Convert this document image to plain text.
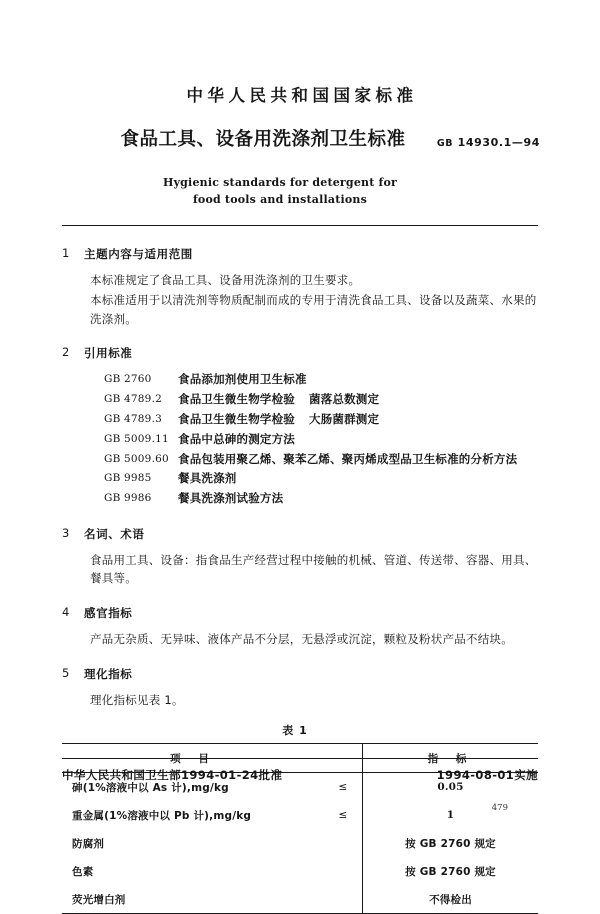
中华人民共和国国家标准
食品工具、设备用洗涤剂卫生标准	GB 14930.1—94
Hygienic standards for detergent for
food tools and installations
1	主题内容与适用范围
本标准规定了食品工具、设备用洗涤剂的卫生要求。
本标准适用于以清洗剂等物质配制而成的专用于清洗食品工具、设备以及蔬菜、水果的洗涤剂。
2	引用标准
GB 2760	食品添加剂使用卫生标准
GB 4789.2	食品卫生微生物学检验 菌落总数测定
GB 4789.3	食品卫生微生物学检验 大肠菌群测定
GB 5009.11 食品中总砷的测定方法
GB 5009.60 食品包装用聚乙烯、聚苯乙烯、聚丙烯成型品卫生标准的分析方法
GB 9985	餐具洗涤剂
GB 9986	餐具洗涤剂试验方法
3	名词、术语
食品用工具、设备：指食品生产经营过程中接触的机械、管道、传送带、容器、用具、餐具等。
4	感官指标
产品无杂质、无异味、液体产品不分层，无悬浮或沉淀，颗粒及粉状产品不结块。
5	理化指标
理化指标见表 1。
表 1
项 目		指 标
砷(1%溶液中以 As 计),mg/kg	≤	0.05
重金属(1%溶液中以 Pb 计),mg/kg	≤	1
防腐剂		按 GB 2760 规定
色素		按 GB 2760 规定
荧光增白剂		不得检出
中华人民共和国卫生部1994-01-24批准	1994-08-01实施
479
